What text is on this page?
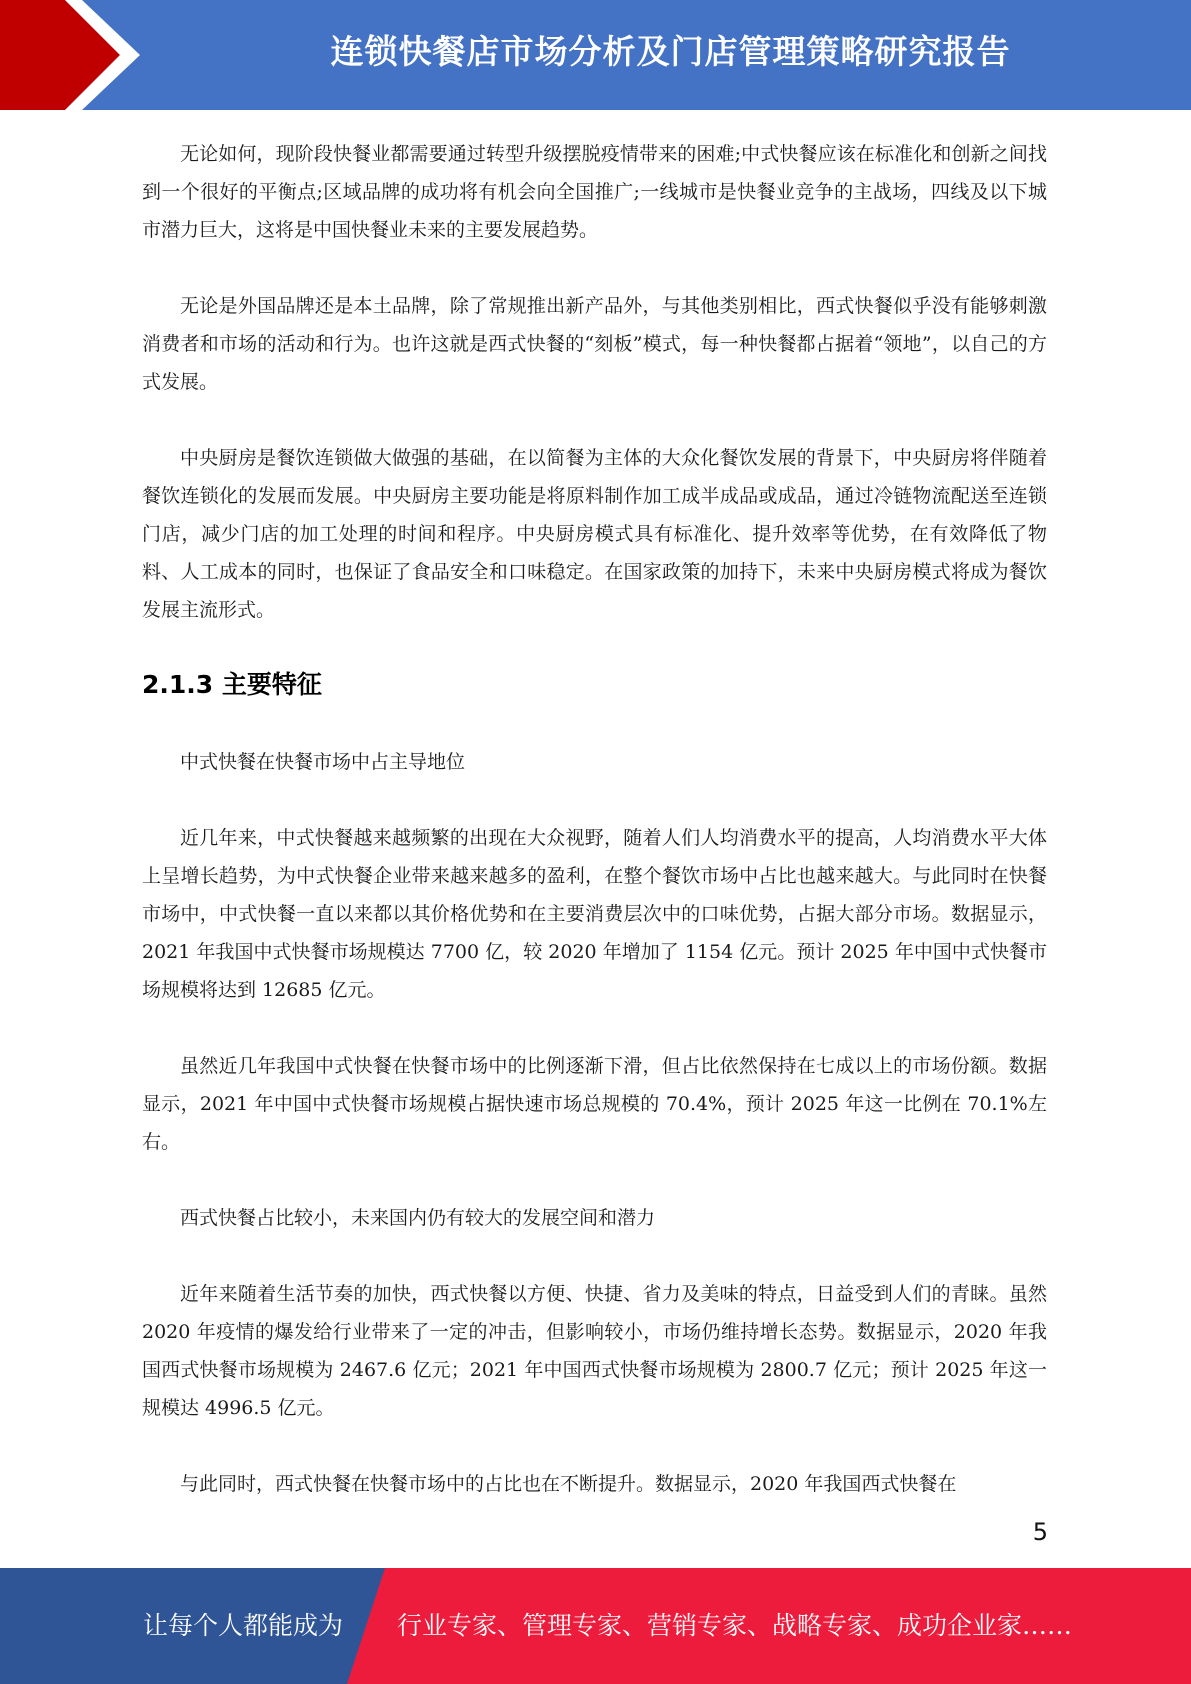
连锁快餐店市场分析及门店管理策略研究报告

无论如何，现阶段快餐业都需要通过转型升级摆脱疫情带来的困难;中式快餐应该在标准化和创新之间找到一个很好的平衡点;区域品牌的成功将有机会向全国推广;一线城市是快餐业竞争的主战场，四线及以下城市潜力巨大，这将是中国快餐业未来的主要发展趋势。

无论是外国品牌还是本土品牌，除了常规推出新产品外，与其他类别相比，西式快餐似乎没有能够刺激消费者和市场的活动和行为。也许这就是西式快餐的“刻板”模式，每一种快餐都占据着“领地”，以自己的方式发展。

中央厨房是餐饮连锁做大做强的基础，在以简餐为主体的大众化餐饮发展的背景下，中央厨房将伴随着餐饮连锁化的发展而发展。中央厨房主要功能是将原料制作加工成半成品或成品，通过冷链物流配送至连锁门店，减少门店的加工处理的时间和程序。中央厨房模式具有标准化、提升效率等优势，在有效降低了物料、人工成本的同时，也保证了食品安全和口味稳定。在国家政策的加持下，未来中央厨房模式将成为餐饮发展主流形式。

2.1.3 主要特征

中式快餐在快餐市场中占主导地位

近几年来，中式快餐越来越频繁的出现在大众视野，随着人们人均消费水平的提高，人均消费水平大体上呈增长趋势，为中式快餐企业带来越来越多的盈利，在整个餐饮市场中占比也越来越大。与此同时在快餐市场中，中式快餐一直以来都以其价格优势和在主要消费层次中的口味优势，占据大部分市场。数据显示，2021 年我国中式快餐市场规模达 7700 亿，较 2020 年增加了 1154 亿元。预计 2025 年中国中式快餐市场规模将达到 12685 亿元。

虽然近几年我国中式快餐在快餐市场中的比例逐渐下滑，但占比依然保持在七成以上的市场份额。数据显示，2021 年中国中式快餐市场规模占据快速市场总规模的 70.4%，预计 2025 年这一比例在 70.1%左右。

西式快餐占比较小，未来国内仍有较大的发展空间和潜力

近年来随着生活节奏的加快，西式快餐以方便、快捷、省力及美味的特点，日益受到人们的青睐。虽然 2020 年疫情的爆发给行业带来了一定的冲击，但影响较小，市场仍维持增长态势。数据显示，2020 年我国西式快餐市场规模为 2467.6 亿元；2021 年中国西式快餐市场规模为 2800.7 亿元；预计 2025 年这一规模达 4996.5 亿元。

与此同时，西式快餐在快餐市场中的占比也在不断提升。数据显示，2020 年我国西式快餐在

5
让每个人都能成为 行业专家、管理专家、营销专家、战略专家、成功企业家……
